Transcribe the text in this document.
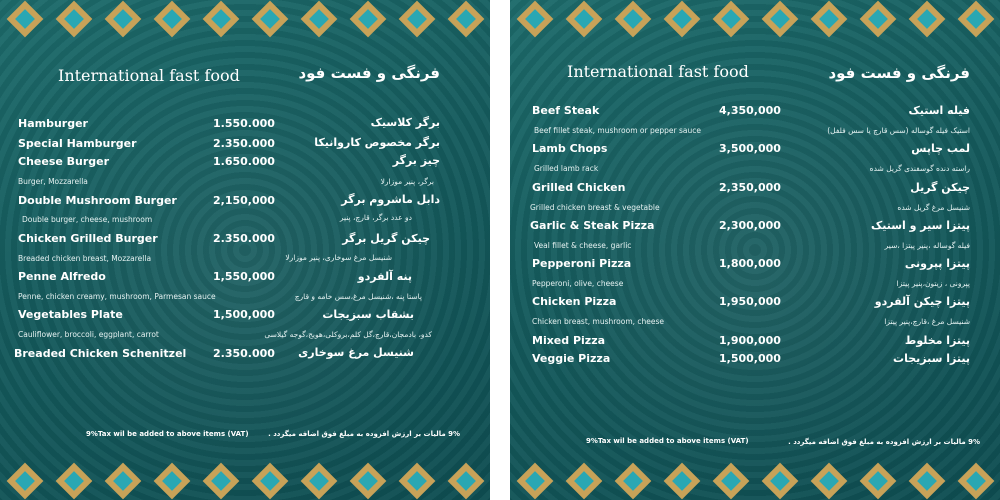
International fast food	فرنگی و فست فود
Hamburger	1.550.000	برگر کلاسیک
Special Hamburger	2.350.000	برگر مخصوص کاروانیکا
Cheese Burger	1.650.000	چیز برگر
Burger, Mozzarella	برگر، پنیر موزارلا
Double Mushroom Burger	2,150,000	دابل ماشروم برگر
Double burger, cheese, mushroom	دو عدد برگر، قارچ، پنیر
Chicken Grilled Burger	2.350.000	چیکن گریل برگر
Breaded chicken breast, Mozzarella	شنیسل مرغ سوخاری، پنیر موزارلا
Penne Alfredo	1,550,000	پنه آلفردو
Penne, chicken creamy, mushroom, Parmesan sauce	پاستا پنه ،شنیسل مرغ،سس خامه و قارچ
Vegetables Plate	1,500,000	بشقاب سبزیجات
Cauliflower, broccoli, eggplant, carrot	کدو، بادمجان،قارچ،گل کلم،بروکلی،هویج،گوجه گیلاسی
Breaded Chicken Schenitzel 2.350.000 شنیسل مرغ سوخاری
9%Tax wil be added to above items (VAT)	9% مالیات بر ارزش افزوده به مبلغ فوق اضافه میگردد .
International fast food	فرنگی و فست فود
Beef Steak	4,350,000	فیله استیک
Beef fillet steak, mushroom or pepper sauce	استیک فیله گوساله (سس قارچ یا سس فلفل)
Lamb Chops	3,500,000	لمب چاپس
Grilled lamb rack	راسته دنده گوسفندی گریل شده
Grilled Chicken	2,350,000	چیکن گریل
Grilled chicken breast & vegetable	شنیسل مرغ گریل شده
Garlic & Steak Pizza	2,300,000	پیتزا سیر و استیک
Veal fillet & cheese, garlic	فیله گوساله ،پنیر پیتزا ،سیر
Pepperoni Pizza	1,800,000	پیتزا پپرونی
Pepperoni, olive, cheese	پپرونی ، زیتون،پنیر پیتزا
Chicken Pizza	1,950,000	پیتزا چیکن آلفردو
Chicken breast, mushroom, cheese	شنیسل مرغ ،قارچ،پنیر پیتزا
Mixed Pizza	1,900,000	پیتزا مخلوط
Veggie Pizza	1,500,000	پیتزا سبزیجات
9%Tax wil be added to above items (VAT)	9% مالیات بر ارزش افزوده به مبلغ فوق اضافه میگردد .
